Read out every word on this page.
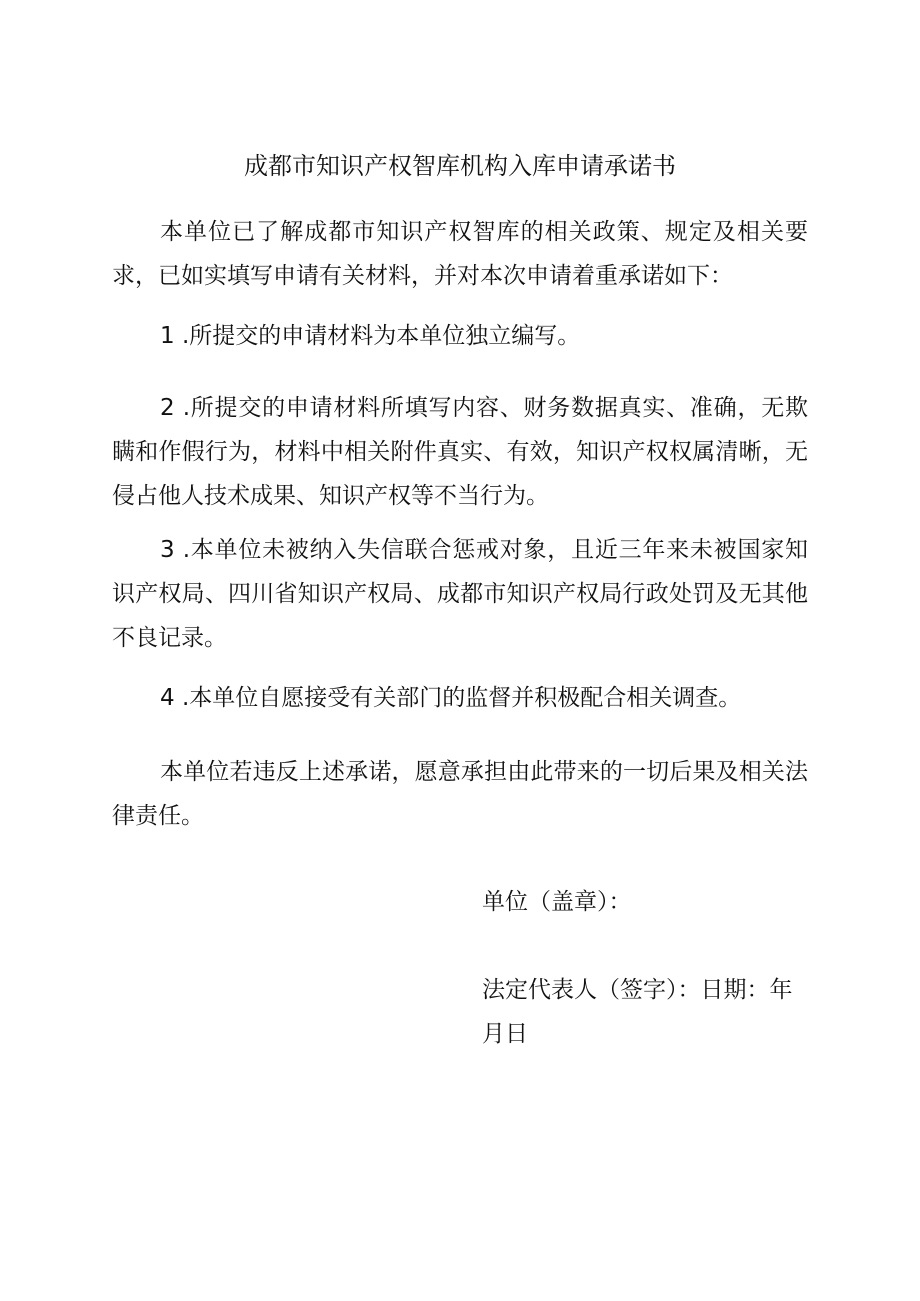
成都市知识产权智库机构入库申请承诺书

本单位已了解成都市知识产权智库的相关政策、规定及相关要求，已如实填写申请有关材料，并对本次申请着重承诺如下：

1 .所提交的申请材料为本单位独立编写。

2 .所提交的申请材料所填写内容、财务数据真实、准确，无欺瞒和作假行为，材料中相关附件真实、有效，知识产权权属清晰，无侵占他人技术成果、知识产权等不当行为。

3 .本单位未被纳入失信联合惩戒对象，且近三年来未被国家知识产权局、四川省知识产权局、成都市知识产权局行政处罚及无其他不良记录。

4 .本单位自愿接受有关部门的监督并积极配合相关调查。

本单位若违反上述承诺，愿意承担由此带来的一切后果及相关法律责任。

单位（盖章）：

法定代表人（签字）：日期：年月日
